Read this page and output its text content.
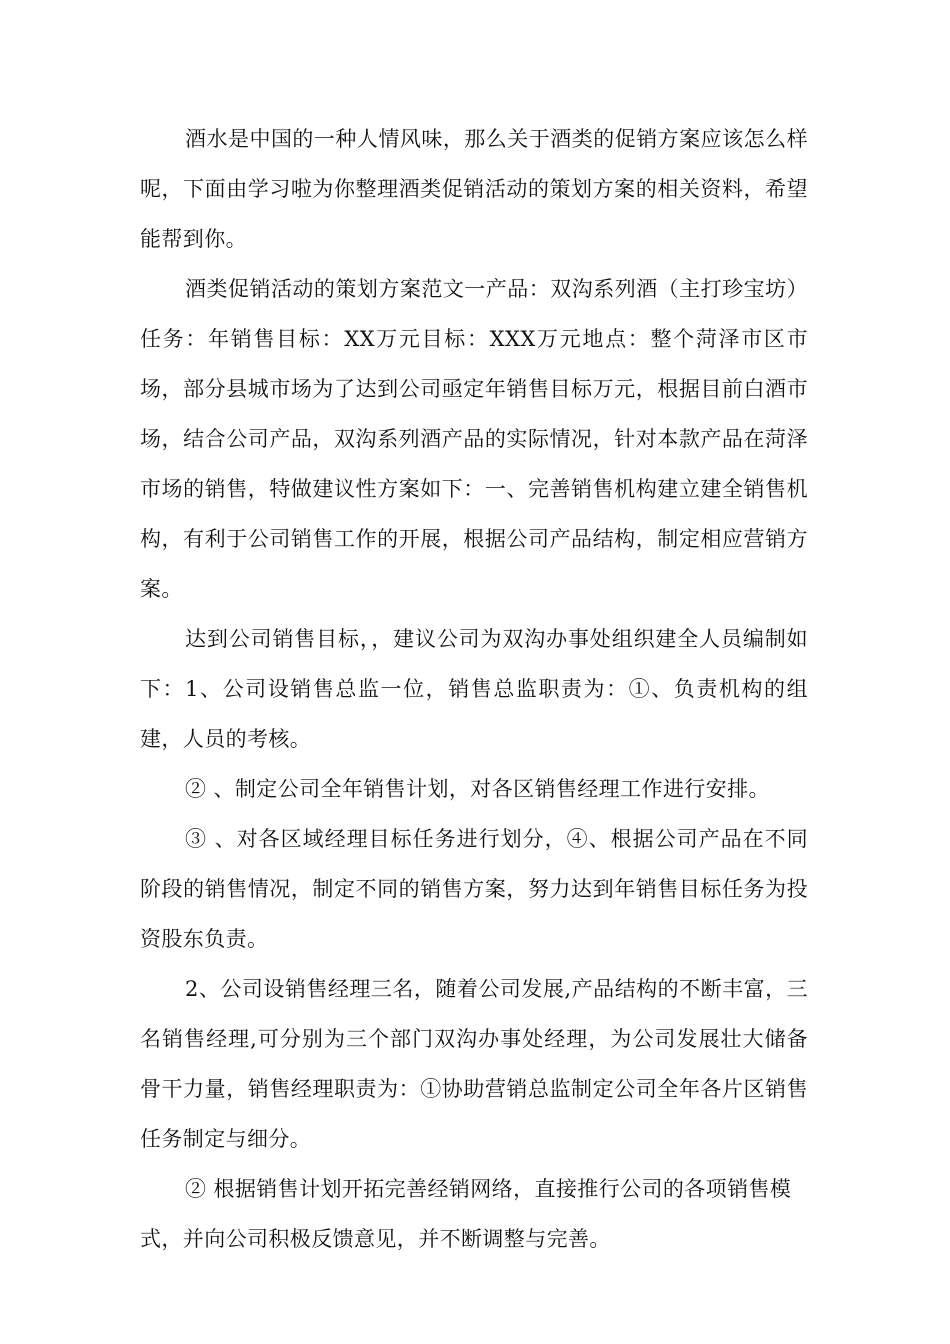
酒水是中国的一种人情风味，那么关于酒类的促销方案应该怎么样呢，下面由学习啦为你整理酒类促销活动的策划方案的相关资料，希望能帮到你。

酒类促销活动的策划方案范文一产品：双沟系列酒（主打珍宝坊）任务：年销售目标：XX万元目标：XXX万元地点：整个菏泽市区市场，部分县城市场为了达到公司亟定年销售目标万元，根据目前白酒市场，结合公司产品，双沟系列酒产品的实际情况，针对本款产品在菏泽市场的销售，特做建议性方案如下：一、完善销售机构建立建全销售机构，有利于公司销售工作的开展，根据公司产品结构，制定相应营销方案。

达到公司销售目标，，建议公司为双沟办事处组织建全人员编制如下：1、公司设销售总监一位，销售总监职责为：①、负责机构的组建，人员的考核。

② 、制定公司全年销售计划，对各区销售经理工作进行安排。

③ 、对各区域经理目标任务进行划分，④、根据公司产品在不同阶段的销售情况，制定不同的销售方案，努力达到年销售目标任务为投资股东负责。

2、公司设销售经理三名，随着公司发展,产品结构的不断丰富，三名销售经理,可分别为三个部门双沟办事处经理，为公司发展壮大储备骨干力量，销售经理职责为：①协助营销总监制定公司全年各片区销售任务制定与细分。

② 根据销售计划开拓完善经销网络，直接推行公司的各项销售模式，并向公司积极反馈意见，并不断调整与完善。
